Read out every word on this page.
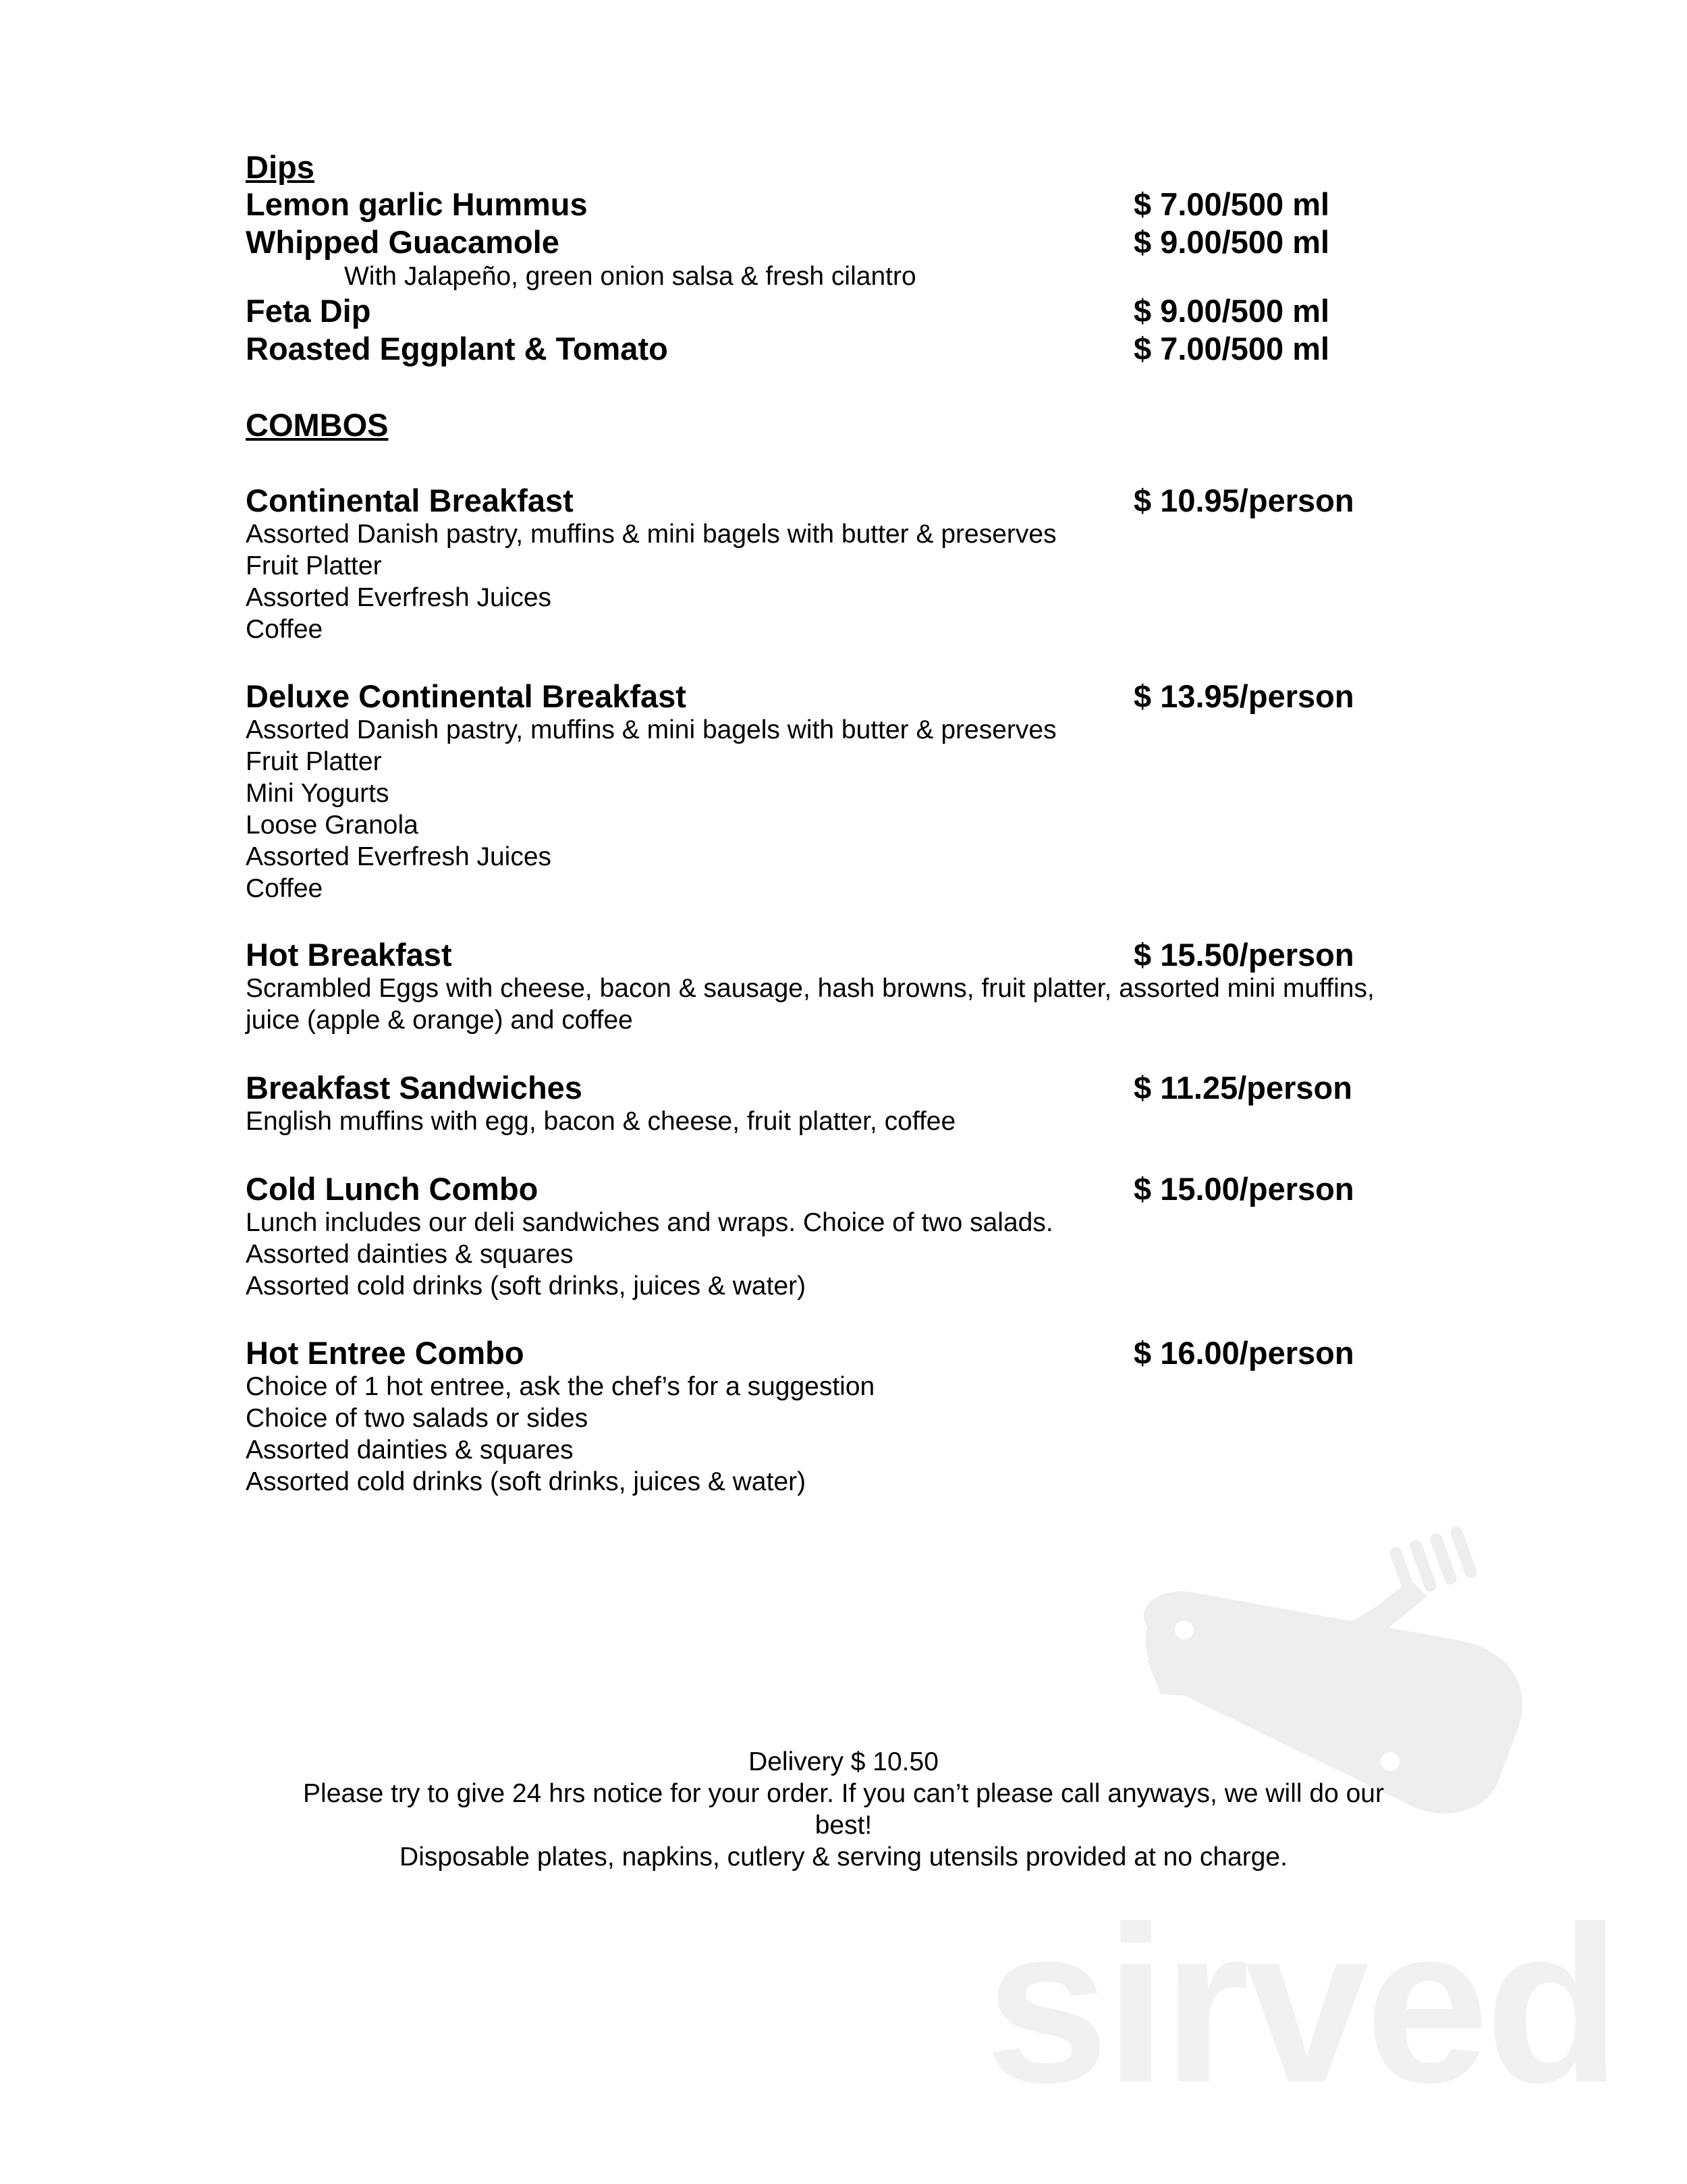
Dips
Lemon garlic Hummus	$ 7.00/500 ml
Whipped Guacamole	$ 9.00/500 ml
With Jalapeño, green onion salsa & fresh cilantro
Feta Dip	$ 9.00/500 ml
Roasted Eggplant & Tomato	$ 7.00/500 ml
COMBOS
Continental Breakfast	$ 10.95/person
Assorted Danish pastry, muffins & mini bagels with butter & preserves
Fruit Platter
Assorted Everfresh Juices
Coffee
Deluxe Continental Breakfast	$ 13.95/person
Assorted Danish pastry, muffins & mini bagels with butter & preserves
Fruit Platter
Mini Yogurts
Loose Granola
Assorted Everfresh Juices
Coffee
Hot Breakfast	$ 15.50/person
Scrambled Eggs with cheese, bacon & sausage, hash browns, fruit platter, assorted mini muffins,
juice (apple & orange) and coffee
Breakfast Sandwiches	$ 11.25/person
English muffins with egg, bacon & cheese, fruit platter, coffee
Cold Lunch Combo	$ 15.00/person
Lunch includes our deli sandwiches and wraps. Choice of two salads.
Assorted dainties & squares
Assorted cold drinks (soft drinks, juices & water)
Hot Entree Combo	$ 16.00/person
Choice of 1 hot entree, ask the chef’s for a suggestion
Choice of two salads or sides
Assorted dainties & squares
Assorted cold drinks (soft drinks, juices & water)
sirved
Delivery $ 10.50
Please try to give 24 hrs notice for your order. If you can’t please call anyways, we will do our
best!
Disposable plates, napkins, cutlery & serving utensils provided at no charge.
